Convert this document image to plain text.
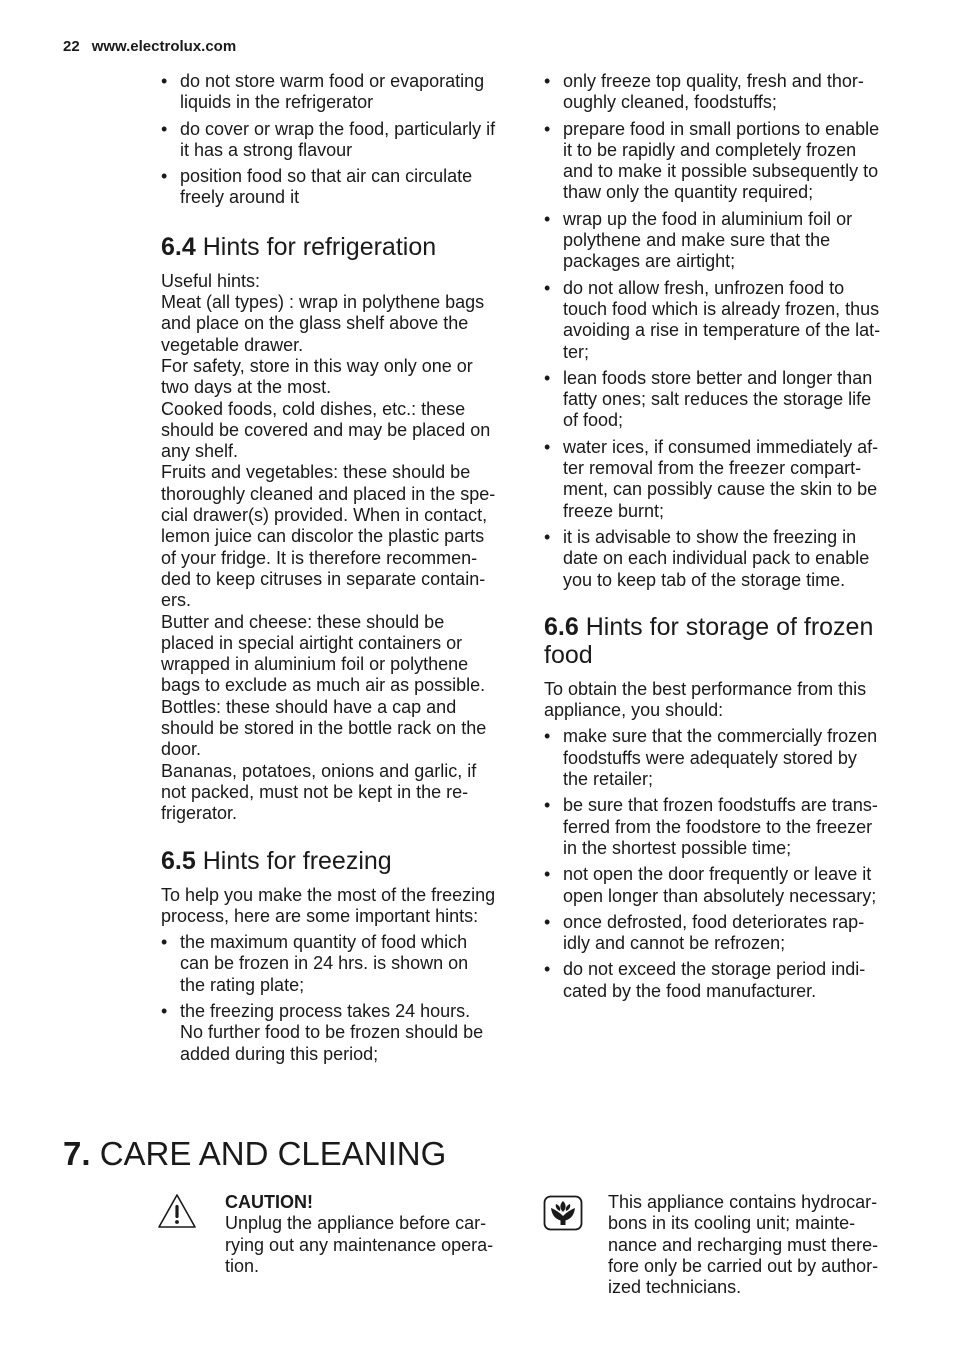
22 www.electrolux.com
• do not store warm food or evaporating
liquids in the refrigerator
• do cover or wrap the food, particularly if
it has a strong flavour
• position food so that air can circulate
freely around it
6.4 Hints for refrigeration

Useful hints:
Meat (all types) : wrap in polythene bags
and place on the glass shelf above the
vegetable drawer.
For safety, store in this way only one or
two days at the most.
Cooked foods, cold dishes, etc.: these
should be covered and may be placed on
any shelf.
Fruits and vegetables: these should be
thoroughly cleaned and placed in the spe-
cial drawer(s) provided. When in contact,
lemon juice can discolor the plastic parts
of your fridge. It is therefore recommen-
ded to keep citruses in separate contain-
ers.
Butter and cheese: these should be
placed in special airtight containers or
wrapped in aluminium foil or polythene
bags to exclude as much air as possible.
Bottles: these should have a cap and
should be stored in the bottle rack on the
door.
Bananas, potatoes, onions and garlic, if
not packed, must not be kept in the re-
frigerator.

6.5 Hints for freezing

To help you make the most of the freezing
process, here are some important hints:

• the maximum quantity of food which
can be frozen in 24 hrs. is shown on
the rating plate;
• the freezing process takes 24 hours.
No further food to be frozen should be
added during this period;
• only freeze top quality, fresh and thor-
oughly cleaned, foodstuffs;
• prepare food in small portions to enable
it to be rapidly and completely frozen
and to make it possible subsequently to
thaw only the quantity required;
• wrap up the food in aluminium foil or
polythene and make sure that the
packages are airtight;
• do not allow fresh, unfrozen food to
touch food which is already frozen, thus
avoiding a rise in temperature of the lat-
ter;
• lean foods store better and longer than
fatty ones; salt reduces the storage life
of food;
• water ices, if consumed immediately af-
ter removal from the freezer compart-
ment, can possibly cause the skin to be
freeze burnt;
• it is advisable to show the freezing in
date on each individual pack to enable
you to keep tab of the storage time.
6.6 Hints for storage of frozen
food

To obtain the best performance from this
appliance, you should:

• make sure that the commercially frozen
foodstuffs were adequately stored by
the retailer;
• be sure that frozen foodstuffs are trans-
ferred from the foodstore to the freezer
in the shortest possible time;
• not open the door frequently or leave it
open longer than absolutely necessary;
• once defrosted, food deteriorates rap-
idly and cannot be refrozen;
• do not exceed the storage period indi-
cated by the food manufacturer.
7. CARE AND CLEANING
CAUTION!
Unplug the appliance before car-
rying out any maintenance opera-
tion.
This appliance contains hydrocar-
bons in its cooling unit; mainte-
nance and recharging must there-
fore only be carried out by author-
ized technicians.
